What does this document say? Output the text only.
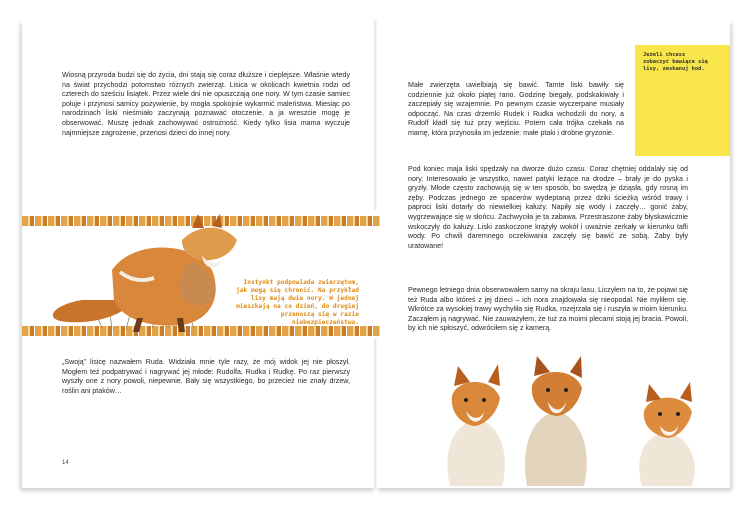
Wiosną przyroda budzi się do życia, dni stają się coraz dłuższe i cieplejsze. Właśnie wtedy na świat przychodzi potomstwo różnych zwierząt. Lisica w okolicach kwietnia rodzi od czterech do sześciu lisiątek. Przez wiele dni nie opuszczają one nory. W tym czasie samiec poluje i przynosi samicy pożywienie, by mogła spokojnie wykarmić maleństwa. Miesiąc po narodzinach liski nieśmiało zaczynają poznawać otoczenie, a ja wreszcie mogę je obserwować. Muszę jednak zachowywać ostrożność. Kiedy tylko lisia mama wyczuje najmniejsze zagrożenie, przenosi dzieci do innej nory.

Instynkt podpowiada zwierzętom, jak mogą się chronić. Na przykład lisy mają dwie nory. W jednej mieszkają na co dzień, do drugiej przenoszą się w razie niebezpieczeństwa.

„Swoją” lisicę nazwałem Ruda. Widziała mnie tyle razy, że mój widok jej nie płoszył. Mogłem też podpatrywać i nagrywać jej młode: Rudolfa, Rudka i Rudkę. Po raz pierwszy wyszły one z nory powoli, niepewnie. Bały się wszystkiego, bo przecież nie znały drzew, roślin ani ptaków…

14
Jeżeli chcesz zobaczyć bawiące się lisy, zeskanuj kod.

Małe zwierzęta uwielbiają się bawić. Tamte liski bawiły się codziennie już około piątej rano. Godzinę biegały, podskakiwały i zaczepiały się wzajemnie. Po pewnym czasie wyczerpane musiały odpocząć. Na czas drzemki Rudek i Rudka wchodzili do nory, a Rudolf kładł się tuż przy wejściu. Potem cała trójka czekała na mamę, która przynosiła im jedzenie: małe ptaki i drobne gryzonie.

Pod koniec maja liski spędzały na dworze dużo czasu. Coraz chętniej oddalały się od nory. Interesowało je wszystko, nawet patyki leżące na drodze – brały je do pyska i gryzły. Młode często zachowują się w ten sposób, bo swędzą je dziąsła, gdy rosną im zęby. Podczas jednego ze spacerów wydeptaną przez dziki ścieżką wśród trawy i paproci liski dotarły do niewielkiej kałuży. Napiły się wody i zaczęły… gonić żaby, wygrzewające się w słońcu. Zachwyciła je ta zabawa. Przestraszone żaby błyskawicznie wskoczyły do kałuży. Liski zaskoczone krążyły wokół i uważnie zerkały w kierunku tafli wody. Po chwili daremnego oczekiwania zaczęły się bawić ze sobą. Żaby były uratowane!

Pewnego letniego dnia obserwowałem sarny na skraju lasu. Liczyłem na to, że pojawi się też Ruda albo któreś z jej dzieci – ich nora znajdowała się nieopodal. Nie myliłem się. Wkrótce za wysokiej trawy wychyliła się Rudka, rozejrzała się i ruszyła w moim kierunku. Zacząłem ją nagrywać. Nie zauważyłem, że tuż za moimi plecami stoją jej bracia. Powoli, by ich nie spłoszyć, odwróciłem się z kamerą.
